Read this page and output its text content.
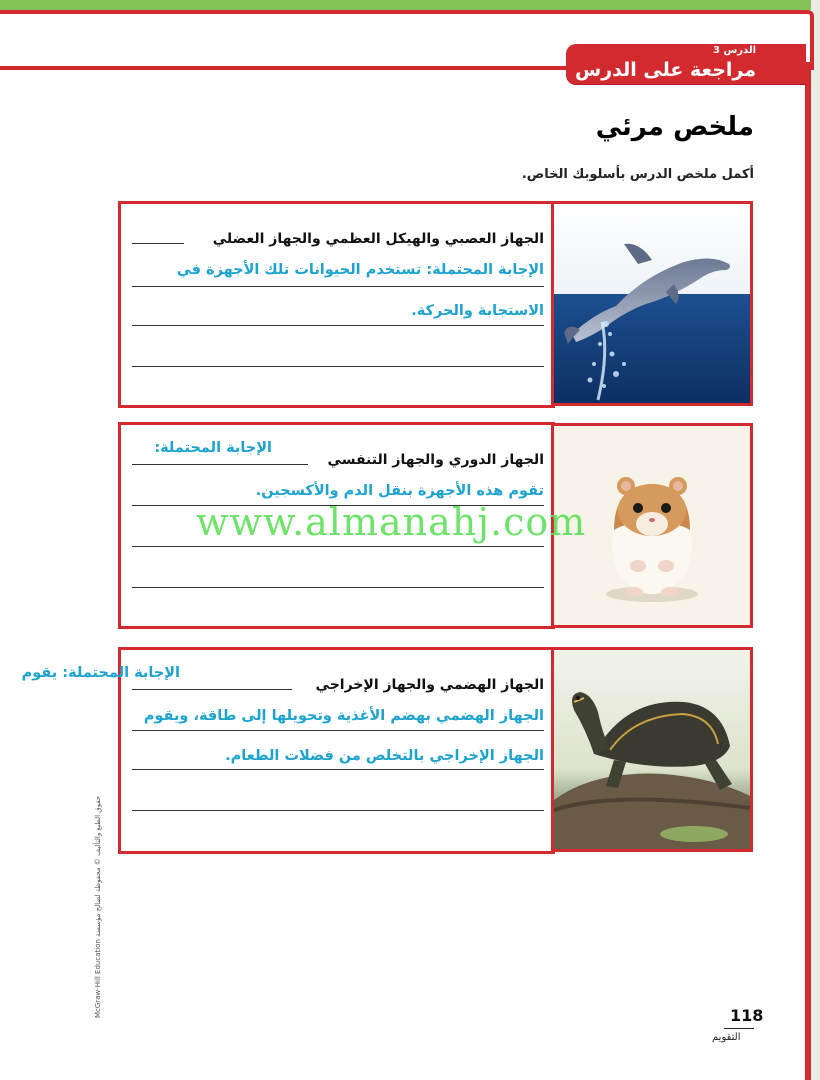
الدرس 3
مراجعة على الدرس
ملخص مرئي
أكمل ملخص الدرس بأسلوبك الخاص.
الجهاز العصبي والهيكل العظمي والجهاز العضلي
الإجابة المحتملة: تستخدم الحيوانات تلك الأجهزة في
الاستجابة والحركة.
الجهاز الدوري والجهاز التنفسي
الإجابة المحتملة:
تقوم هذه الأجهزة بنقل الدم والأكسجين.
الجهاز الهضمي والجهاز الإخراجي
الإجابة المحتملة: يقوم
الجهاز الهضمي بهضم الأغذية وتحويلها إلى طاقة، ويقوم
الجهاز الإخراجي بالتخلص من فضلات الطعام.
www.almanahj.com
McGraw-Hill Education حقوق الطبع والتأليف © محفوظة لصالح مؤسسة
118
التقويم
